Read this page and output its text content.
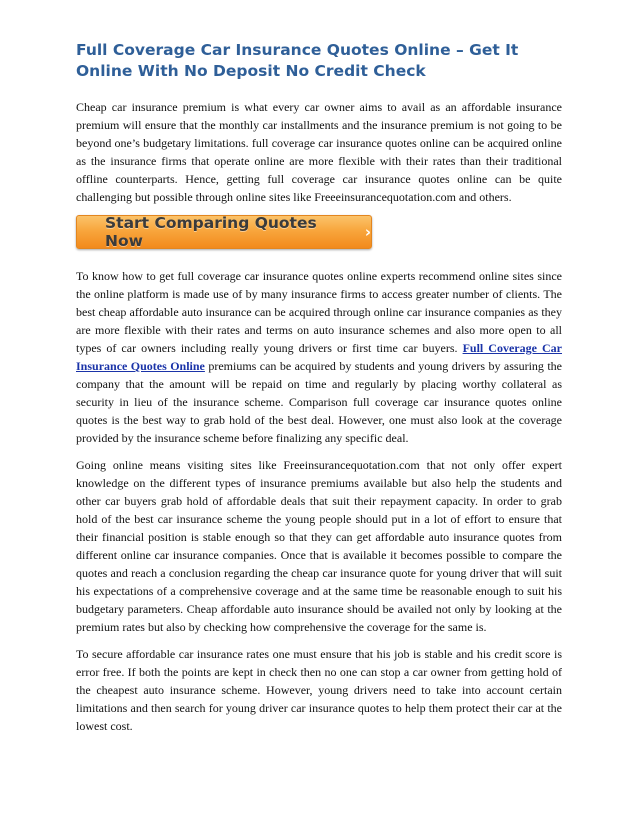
Full Coverage Car Insurance Quotes Online – Get It Online With No Deposit No Credit Check

Cheap car insurance premium is what every car owner aims to avail as an affordable insurance premium will ensure that the monthly car installments and the insurance premium is not going to be beyond one’s budgetary limitations. full coverage car insurance quotes online can be acquired online as the insurance firms that operate online are more flexible with their rates than their traditional offline counterparts. Hence, getting full coverage car insurance quotes online can be quite challenging but possible through online sites like Freeeinsurancequotation.com and others.

Start Comparing Quotes Now	›

To know how to get full coverage car insurance quotes online experts recommend online sites since the online platform is made use of by many insurance firms to access greater number of clients. The best cheap affordable auto insurance can be acquired through online car insurance companies as they are more flexible with their rates and terms on auto insurance schemes and also more open to all types of car owners including really young drivers or first time car buyers. Full Coverage Car Insurance Quotes Online premiums can be acquired by students and young drivers by assuring the company that the amount will be repaid on time and regularly by placing worthy collateral as security in lieu of the insurance scheme. Comparison full coverage car insurance quotes online quotes is the best way to grab hold of the best deal. However, one must also look at the coverage provided by the insurance scheme before finalizing any specific deal.

Going online means visiting sites like Freeinsurancequotation.com that not only offer expert knowledge on the different types of insurance premiums available but also help the students and other car buyers grab hold of affordable deals that suit their repayment capacity. In order to grab hold of the best car insurance scheme the young people should put in a lot of effort to ensure that their financial position is stable enough so that they can get affordable auto insurance quotes from different online car insurance companies. Once that is available it becomes possible to compare the quotes and reach a conclusion regarding the cheap car insurance quote for young driver that will suit his expectations of a comprehensive coverage and at the same time be reasonable enough to suit his budgetary parameters. Cheap affordable auto insurance should be availed not only by looking at the premium rates but also by checking how comprehensive the coverage for the same is.

To secure affordable car insurance rates one must ensure that his job is stable and his credit score is error free. If both the points are kept in check then no one can stop a car owner from getting hold of the cheapest auto insurance scheme. However, young drivers need to take into account certain limitations and then search for young driver car insurance quotes to help them protect their car at the lowest cost.
